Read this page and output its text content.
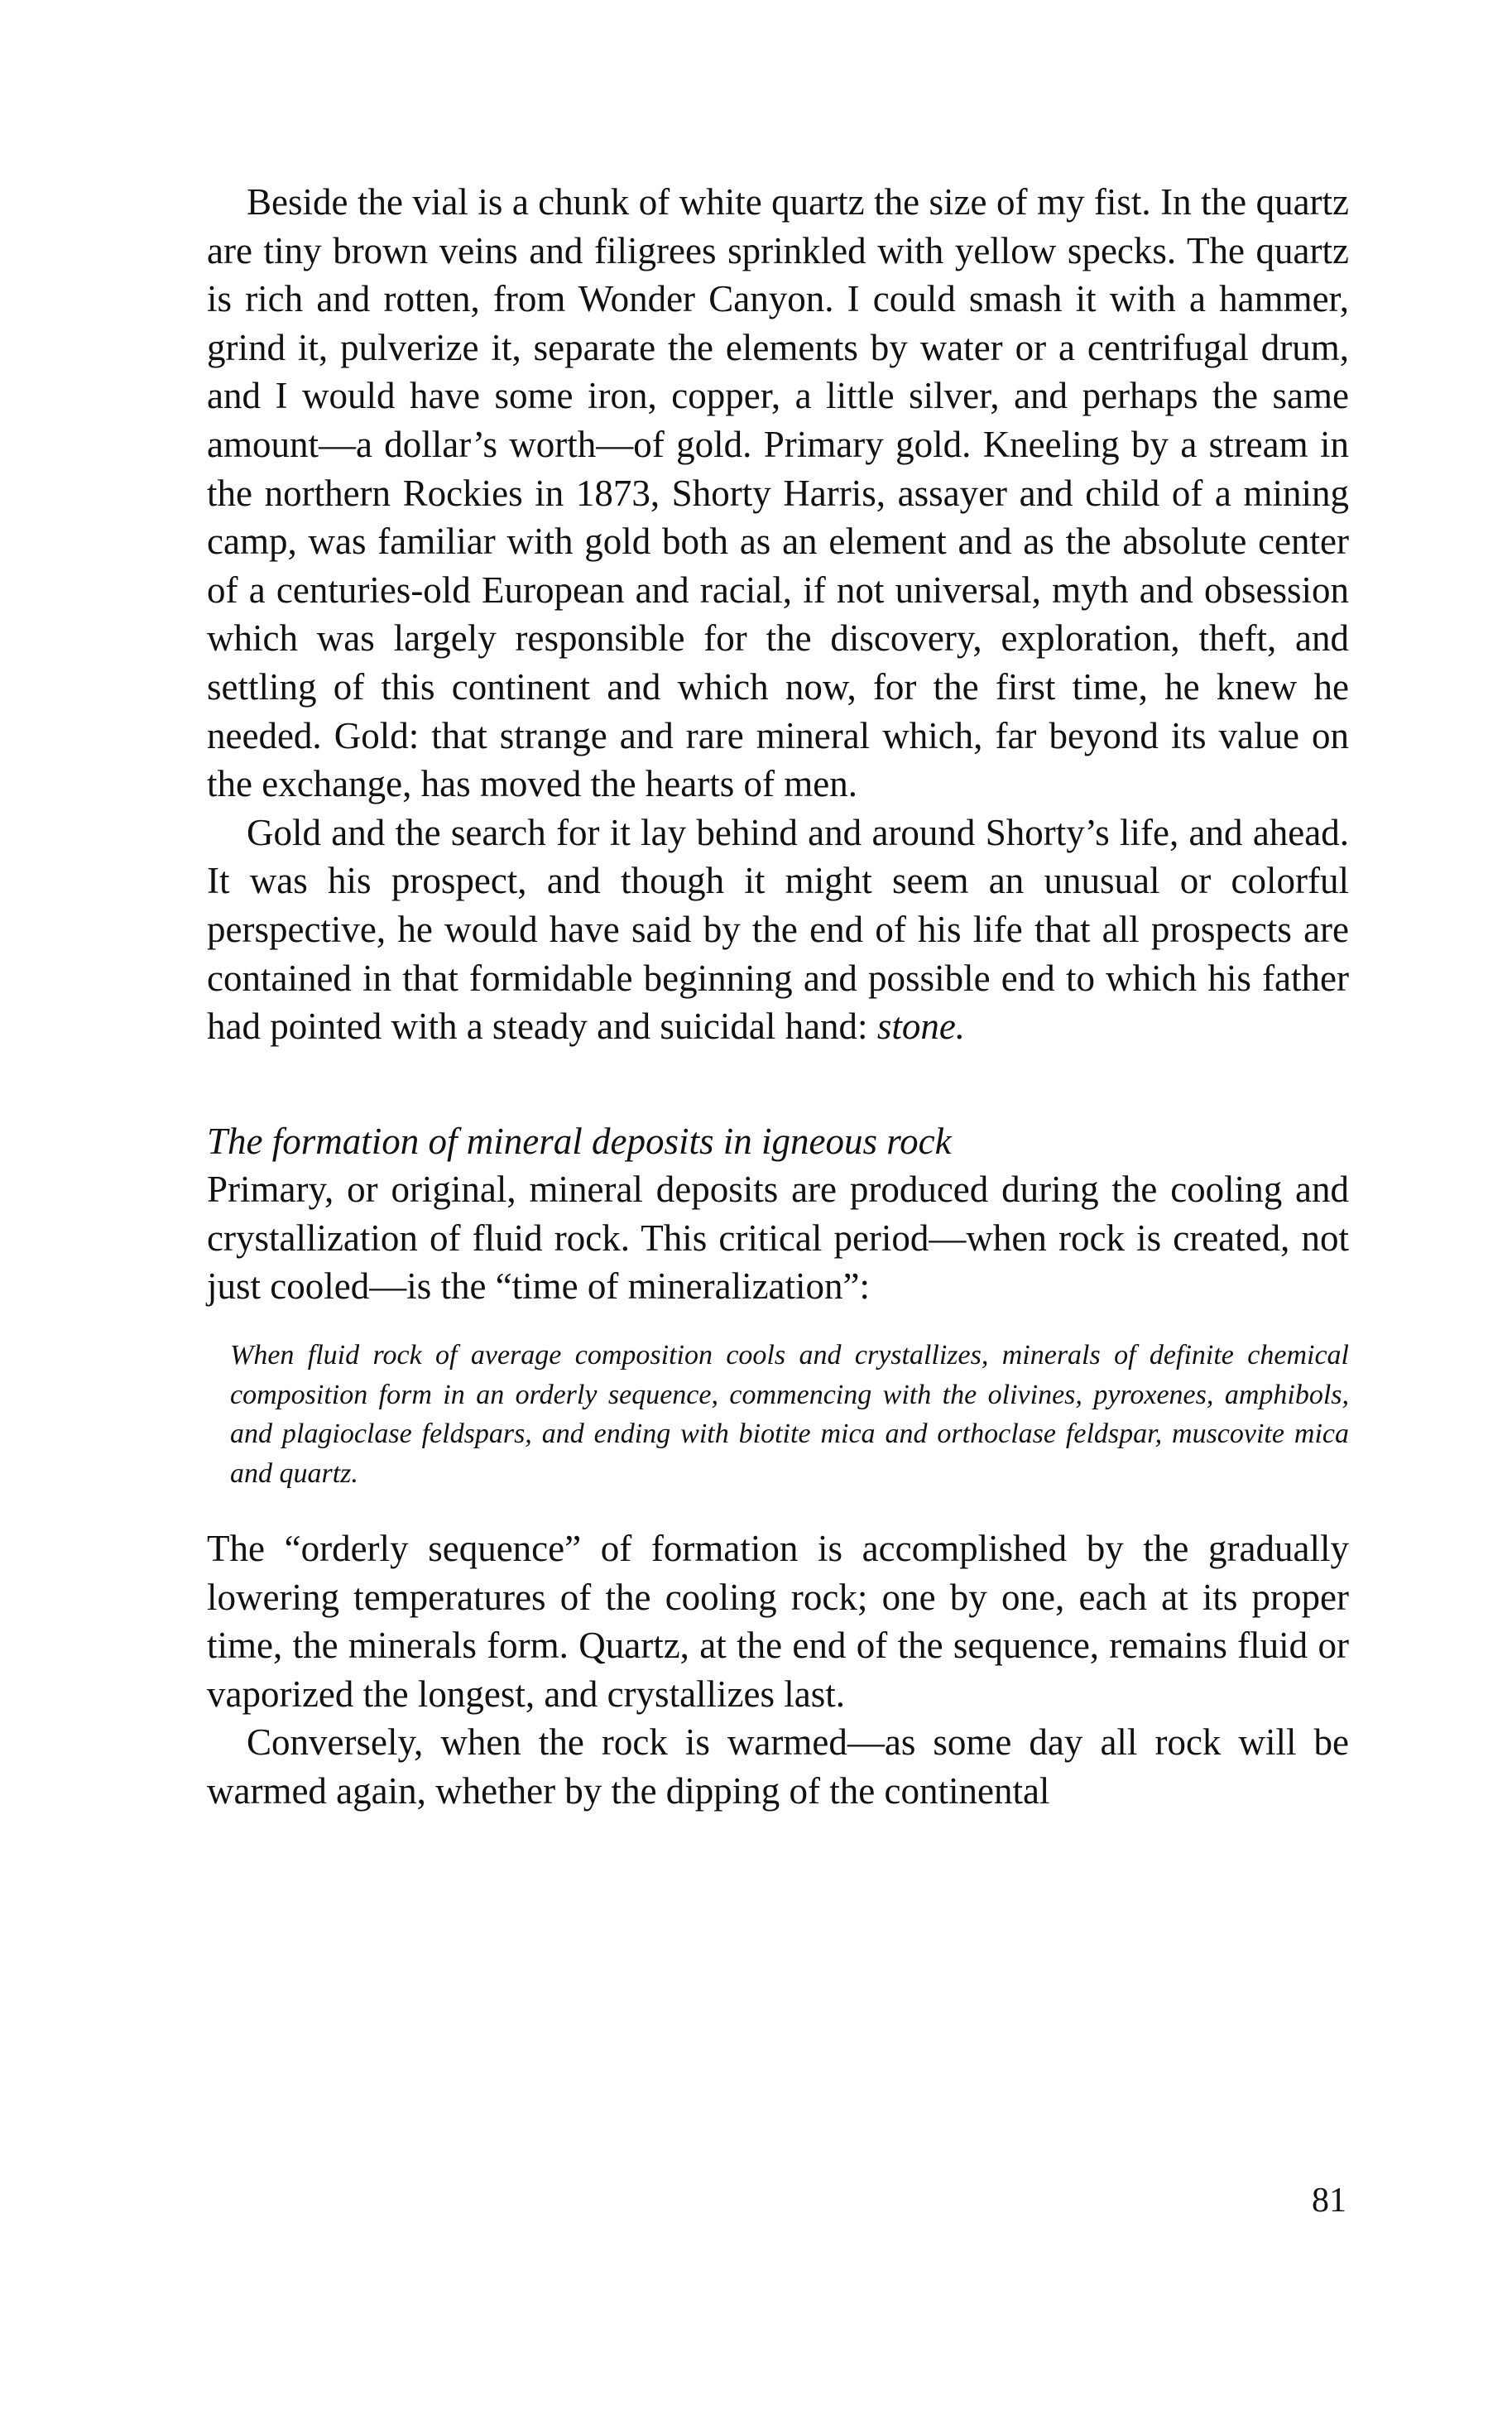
Beside the vial is a chunk of white quartz the size of my fist. In the quartz are tiny brown veins and filigrees sprinkled with yellow specks. The quartz is rich and rotten, from Wonder Canyon. I could smash it with a hammer, grind it, pulverize it, separate the elements by water or a centrifugal drum, and I would have some iron, copper, a little silver, and perhaps the same amount—a dollar’s worth—of gold. Primary gold. Kneeling by a stream in the northern Rockies in 1873, Shorty Harris, assayer and child of a mining camp, was familiar with gold both as an element and as the absolute center of a centuries-old European and racial, if not universal, myth and obsession which was largely responsible for the discovery, exploration, theft, and settling of this continent and which now, for the first time, he knew he needed. Gold: that strange and rare mineral which, far beyond its value on the exchange, has moved the hearts of men.

Gold and the search for it lay behind and around Shorty’s life, and ahead. It was his prospect, and though it might seem an unusual or colorful perspective, he would have said by the end of his life that all prospects are contained in that formidable beginning and possible end to which his father had pointed with a steady and suicidal hand: stone.

The formation of mineral deposits in igneous rock

Primary, or original, mineral deposits are produced during the cooling and crystallization of fluid rock. This critical period—when rock is created, not just cooled—is the “time of mineralization”:

When fluid rock of average composition cools and crystallizes, minerals of definite chemical composition form in an orderly sequence, commencing with the olivines, pyroxenes, amphibols, and plagioclase feldspars, and ending with biotite mica and orthoclase feldspar, muscovite mica and quartz.

The “orderly sequence” of formation is accomplished by the gradually lowering temperatures of the cooling rock; one by one, each at its proper time, the minerals form. Quartz, at the end of the sequence, remains fluid or vaporized the longest, and crystallizes last.

Conversely, when the rock is warmed—as some day all rock will be warmed again, whether by the dipping of the continental

81
